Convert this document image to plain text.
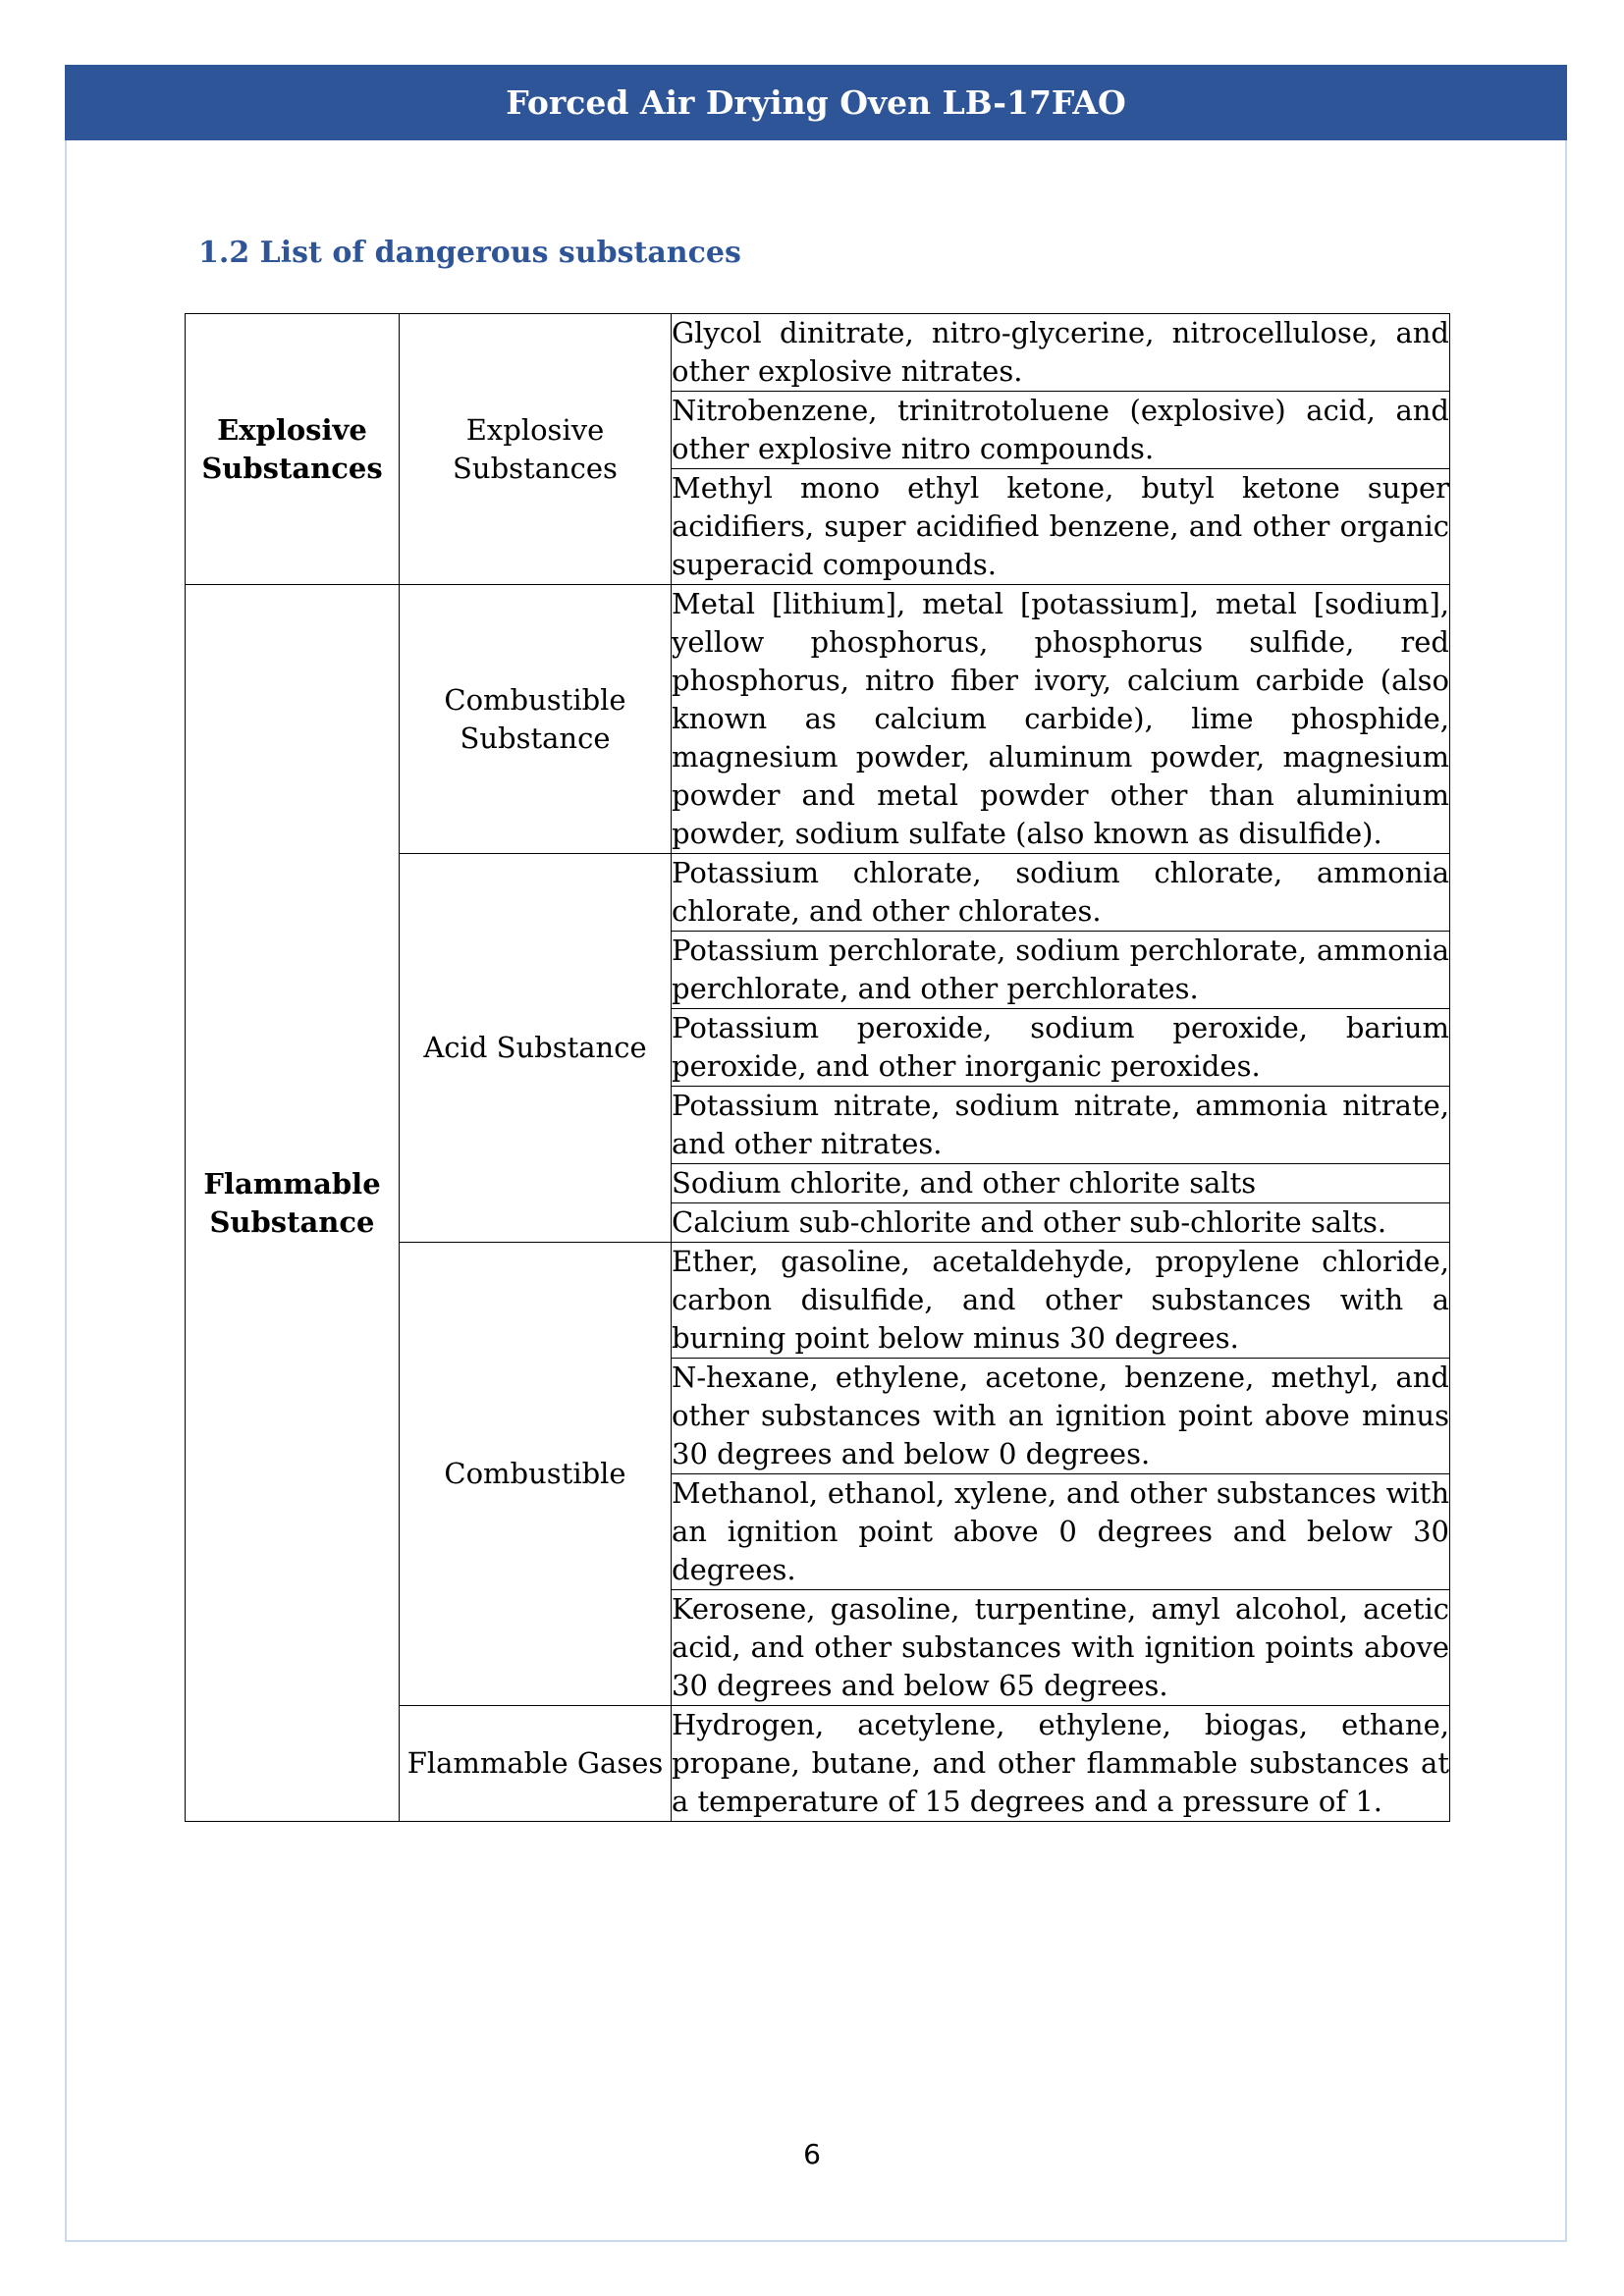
Forced Air Drying Oven LB-17FAO
1.2 List of dangerous substances
Explosive Substances	Explosive Substances	Glycol dinitrate, nitro-glycerine, nitrocellulose, and other explosive nitrates.
		Nitrobenzene, trinitrotoluene (explosive) acid, and other explosive nitro compounds.
		Methyl mono ethyl ketone, butyl ketone super acidifiers, super acidified benzene, and other organic superacid compounds.
Flammable Substance	Combustible Substance	Metal [lithium], metal [potassium], metal [sodium], yellow phosphorus, phosphorus sulfide, red phosphorus, nitro fiber ivory, calcium carbide (also known as calcium carbide), lime phosphide, magnesium powder, aluminum powder, magnesium powder and metal powder other than aluminium powder, sodium sulfate (also known as disulfide).
	Acid Substance	Potassium chlorate, sodium chlorate, ammonia chlorate, and other chlorates.
		Potassium perchlorate, sodium perchlorate, ammonia perchlorate, and other perchlorates.
		Potassium peroxide, sodium peroxide, barium peroxide, and other inorganic peroxides.
		Potassium nitrate, sodium nitrate, ammonia nitrate, and other nitrates.
		Sodium chlorite, and other chlorite salts
		Calcium sub-chlorite and other sub-chlorite salts.
	Combustible	Ether, gasoline, acetaldehyde, propylene chloride, carbon disulfide, and other substances with a burning point below minus 30 degrees.
		N-hexane, ethylene, acetone, benzene, methyl, and other substances with an ignition point above minus 30 degrees and below 0 degrees.
		Methanol, ethanol, xylene, and other substances with an ignition point above 0 degrees and below 30 degrees.
		Kerosene, gasoline, turpentine, amyl alcohol, acetic acid, and other substances with ignition points above 30 degrees and below 65 degrees.
	Flammable Gases	Hydrogen, acetylene, ethylene, biogas, ethane, propane, butane, and other flammable substances at a temperature of 15 degrees and a pressure of 1.
6
